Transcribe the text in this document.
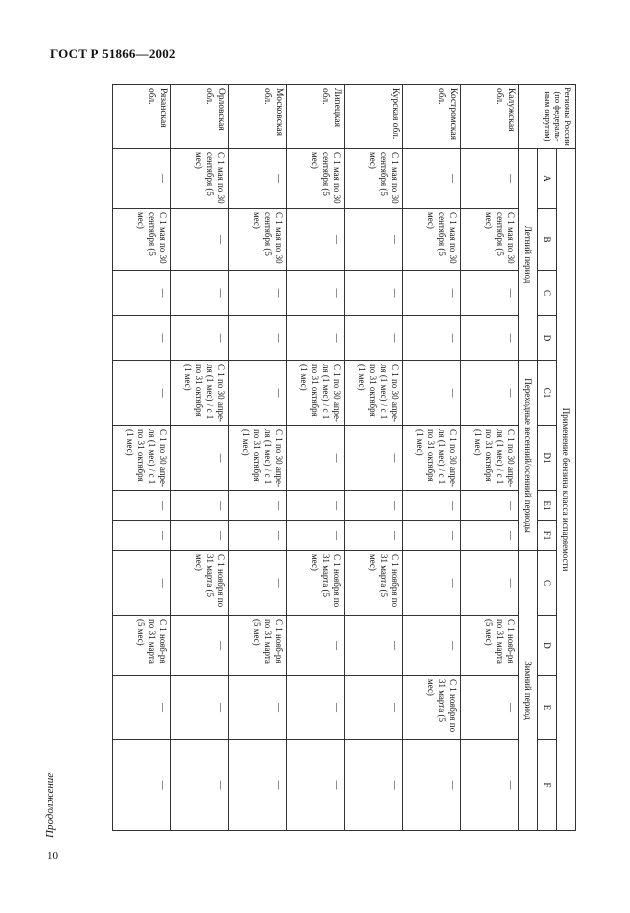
ГОСТ Р 51866—2002
Регионы России (по федераль-ным округам)	Применение бензина класса испаряемости											
	A	B	C	D	C1	D1	E1	F1	C	D	E	F
	Летний период				Переходные весенний/осенний периоды				Зимний период			
Калужская обл.	—	С 1 мая по 30 сентября (5 мес)	—	—	—	С 1 по 30 апре-ля (1 мес) / с 1 по 31 октября (1 мес)	—	—	—	С 1 нояб-ря по 31 марта (5 мес)	—	—
Костромская обл.	—	С 1 мая по 30 сентября (5 мес)	—	—	—	С 1 по 30 апре-ля (1 мес) / с 1 по 31 октября (1 мес)	—	—	—	—	С 1 ноября по 31 марта (5 мес)	—
Курская обл.	С 1 мая по 30 сентября (5 мес)	—	—	—	С 1 по 30 апре-ля (1 мес) / с 1 по 31 октября (1 мес)	—	—	—	С 1 ноября по 31 марта (5 мес)	—	—	—
Липецкая обл.	С 1 мая по 30 сентября (5 мес)	—	—	—	С 1 по 30 апре-ля (1 мес) / с 1 по 31 октября (1 мес)	—	—	—	С 1 ноября по 31 марта (5 мес)	—	—	—
Московская обл.	—	С 1 мая по 30 сентября (5 мес)	—	—	—	С 1 по 30 апре-ля (1 мес) / с 1 по 31 октября (1 мес)	—	—	—	С 1 нояб-ря по 31 марта (5 мес)	—	—
Орловская обл.	С 1 мая по 30 сентября (5 мес)	—	—	—	С 1 по 30 апре-ля (1 мес) / с 1 по 31 октября (1 мес)	—	—	—	С 1 ноября по 31 марта (5 мес)	—	—	—
Рязанская обл.	—	С 1 мая по 30 сентября (5 мес)	—	—	—	С 1 по 30 апре-ля (1 мес) / с 1 по 31 октября (1 мес)	—	—	—	С 1 нояб-ря по 31 марта (5 мес)	—	—
Продолжение
10
